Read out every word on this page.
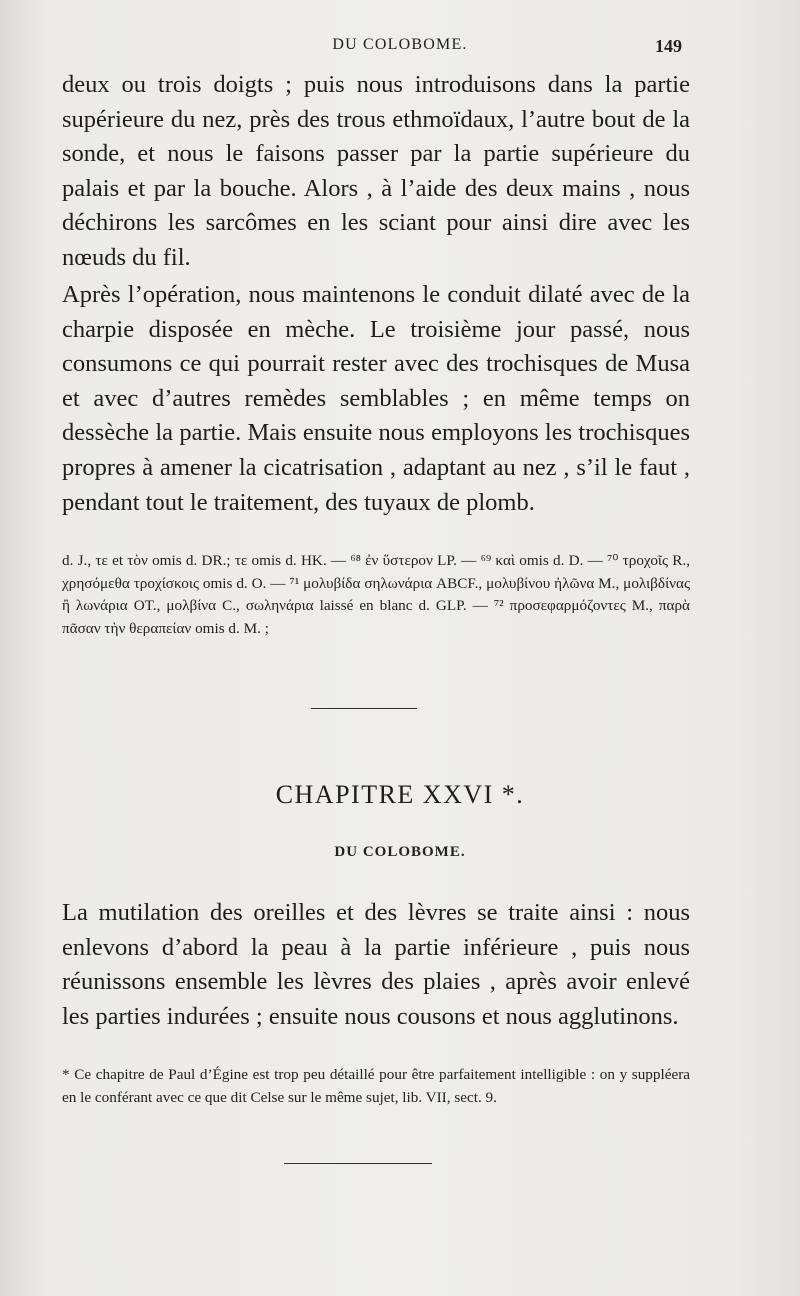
DU COLOBOME.	149

deux ou trois doigts ; puis nous introduisons dans la partie supérieure du nez, près des trous ethmoïdaux, l’autre bout de la sonde, et nous le faisons passer par la partie supérieure du palais et par la bouche. Alors , à l’aide des deux mains , nous déchirons les sarcômes en les sciant pour ainsi dire avec les nœuds du fil.

Après l’opération, nous maintenons le conduit dilaté avec de la charpie disposée en mèche. Le troisième jour passé, nous consumons ce qui pourrait rester avec des trochisques de Musa et avec d’autres remèdes semblables ; en même temps on dessèche la partie. Mais ensuite nous employons les trochisques propres à amener la cicatrisation , adaptant au nez , s’il le faut , pendant tout le traitement, des tuyaux de plomb.

d. J., τε et τὸν omis d. DR.; τε omis d. HK. — ⁶⁸ ἐν ὕστερον LP. — ⁶⁹ καὶ omis d. D. — ⁷⁰ τροχοῖς R., χρησόμεθα τροχίσκοις omis d. O. — ⁷¹ μολυβίδα σηλωνάρια ABCF., μολυβίνου ἠλῶνα M., μολιβδίνας ἢ λωνάρια OT., μολβίνα C., σωληνάρια laissé en blanc d. GLP. — ⁷² προσεφαρμόζοντες M., παρὰ πᾶσαν τὴν θεραπείαν omis d. M. ;
CHAPITRE XXVI *.
DU COLOBOME.

La mutilation des oreilles et des lèvres se traite ainsi : nous enlevons d’abord la peau à la partie inférieure , puis nous réunissons ensemble les lèvres des plaies , après avoir enlevé les parties indurées ; ensuite nous cousons et nous agglutinons.

* Ce chapitre de Paul d’Égine est trop peu détaillé pour être parfaitement intelligible : on y suppléera en le conférant avec ce que dit Celse sur le même sujet, lib. VII, sect. 9.
